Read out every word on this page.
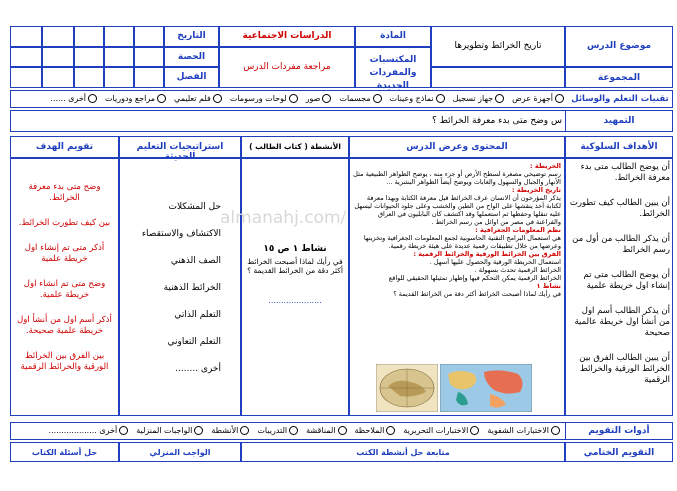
التاريخ
الحصة
الفصل
الدراسات الاجتماعية
مراجعة مفردات الدرس
المادة
المكتسبات والمفردات الجديدة
تاريخ الخرائط وتطويرها	موضوع الدرس
المجموعة
تقنيات التعلم والوسائل
أجهزة عرضجهاز تسجيلنماذج وعيناتمجسماتصورلوحات ورسوماتفلم تعليميمراجع ودورياتأخرى ......
التمهيد
س وضح متى بدء معرفة الخرائط ؟
الأهداف السلوكية
المحتوى وعرض الدرس
الأنشطة ( كتاب الطالب )
استراتيجيات التعليم الحديثة
تقويم الهدف
أن يوضح الطالب متى بدء معرفة الخرائط.
أن يبين الطالب كيف تطورت الخرائط.
أن يذكر الطالب من أول من رسم الخرائط
أن يوضح الطالب متى تم إنشاء اول خريطة علمية
أن يذكر الطالب أسم اول من أنشأ اول خريطة عالمية صحيحة
أن يبين الطالب الفرق بين الخرائط الورقية والخرائط الرقمية
الخريطة :
رسم توضيحي مصغرة لسطح الأرض أو جزء منه ، يوضح الظواهر الطبيعية مثل الأنهار والجبال والسهول والغابات ويوضح أيضاً الظواهر البشرية ...
تاريخ الخريطة :
يذكر المؤرخون أن الانسان عرف الخرائط قبل معرفة الكتابة وبهذا معرفة لكتابة أخذ ينقشها على الواح من الطين والخشب وعلى جلود الحيوانات ليسهل عليه تنقلها وحفظها ثم استعملها وقد اكتشف كان البابليون في العراق والفراعنة في مصر من اوائل من رسم الخرائط .
نظم المعلومات الجغرافية :
هي استعمال البرامج التقنية الحاسوبية لجمع المعلومات الجغرافية وتخزينها وعرضها من خلال تطبيقات رقمية عديدة على هيئة خريطة رقمية.
الفرق بين الخرائط الورقية والخرائط الرقمية :
استعمال الخريطة الورقية والحصول عليها أسهل .
الخرائط الرقمية تحدث بسهولة .
الخرائط الرقمية يمكن التحكم فيها وإظهار تمثيلها الحقيقي للواقع
نشاط ١
في رأيك لماذا أصبحت الخرائط أكثر دقة من الخرائط القديمة ؟
نشاط ١ ص ١٥
في رأيك لماذا أصبحت الخرائط أكثر دقة من الخرائط القديمة ؟
.....................
حل المشكلات
الاكتشاف والاستقصاء
الصف الذهني
الخرائط الذهنية
التعلم الذاتي
التعلم التعاوني
أخرى ........
وضح متى بدء معرفة الخرائط.
بين كيف تطورت الخرائط.
أذكر متى تم إنشاء اول خريطة علمية
وضح متى تم انشاء اول خريطة علمية.
أذكر أسم اول من أنشأ اول خريطة علمية صحيحة.
بين الفرق بين الخرائط الورقية والخرائط الرقمية
almanahj.com/
أدوات التقويم
الاختبارات الشفويةالاختبارات التحريريةالملاحظةالمناقشةالتدريباتالأنشطةالواجبات المنزليةأخرى ...................
التقويم الختامي
متابعة حل أنشطة الكتب
الواجب المنزلي
حل أسئلة الكتاب
